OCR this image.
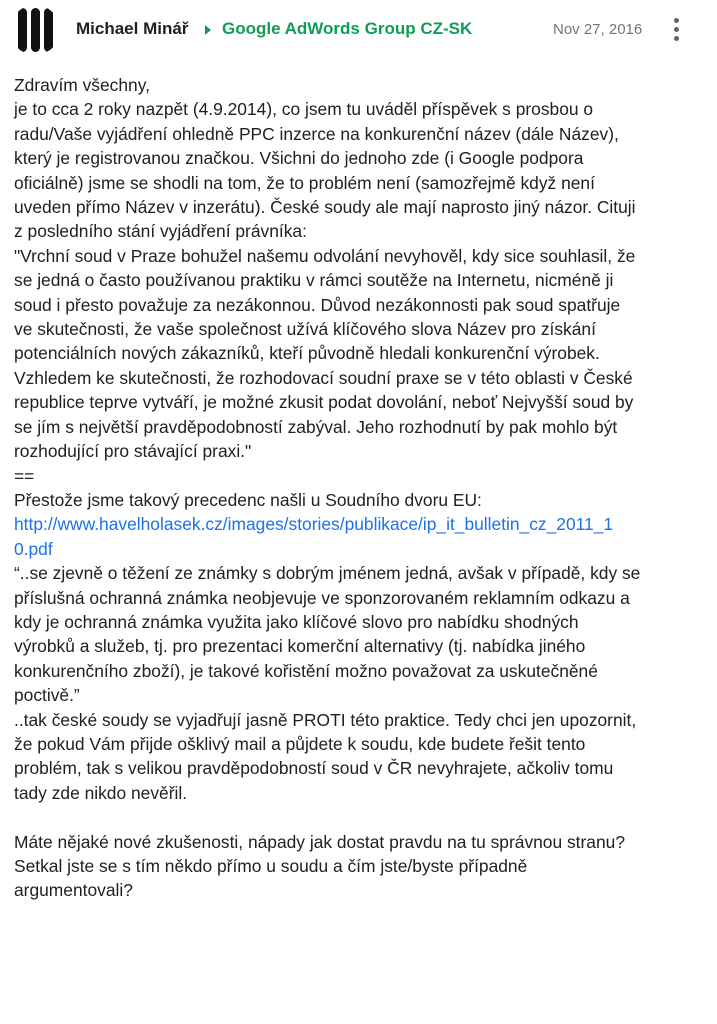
Michael Minář Google AdWords Group CZ-SK	Nov 27, 2016

Zdravím všechny,

je to cca 2 roky nazpět (4.9.2014), co jsem tu uváděl příspěvek s prosbou o

radu/Vaše vyjádření ohledně PPC inzerce na konkurenční název (dále Název),

který je registrovanou značkou. Všichni do jednoho zde (i Google podpora

oficiálně) jsme se shodli na tom, že to problém není (samozřejmě když není

uveden přímo Název v inzerátu). České soudy ale mají naprosto jiný názor. Cituji

z posledního stání vyjádření právníka:

"Vrchní soud v Praze bohužel našemu odvolání nevyhověl, kdy sice souhlasil, že

se jedná o často používanou praktiku v rámci soutěže na Internetu, nicméně ji

soud i přesto považuje za nezákonnou. Důvod nezákonnosti pak soud spatřuje

ve skutečnosti, že vaše společnost užívá klíčového slova Název pro získání

potenciálních nových zákazníků, kteří původně hledali konkurenční výrobek.

Vzhledem ke skutečnosti, že rozhodovací soudní praxe se v této oblasti v České

republice teprve vytváří, je možné zkusit podat dovolání, neboť Nejvyšší soud by

se jím s největší pravděpodobností zabýval. Jeho rozhodnutí by pak mohlo být

rozhodující pro stávající praxi."

==

Přestože jsme takový precedenc našli u Soudního dvoru EU:

http://www.havelholasek.cz/images/stories/publikace/ip_it_bulletin_cz_2011_1

0.pdf

“..se zjevně o těžení ze známky s dobrým jménem jedná, avšak v případě, kdy se

příslušná ochranná známka neobjevuje ve sponzorovaném reklamním odkazu a

kdy je ochranná známka využita jako klíčové slovo pro nabídku shodných

výrobků a služeb, tj. pro prezentaci komerční alternativy (tj. nabídka jiného

konkurenčního zboží), je takové kořistění možno považovat za uskutečněné

poctivě.”

..tak české soudy se vyjadřují jasně PROTI této praktice. Tedy chci jen upozornit,

že pokud Vám přijde ošklivý mail a půjdete k soudu, kde budete řešit tento

problém, tak s velikou pravděpodobností soud v ČR nevyhrajete, ačkoliv tomu

tady zde nikdo nevěřil.

Máte nějaké nové zkušenosti, nápady jak dostat pravdu na tu správnou stranu?

Setkal jste se s tím někdo přímo u soudu a čím jste/byste případně

argumentovali?
